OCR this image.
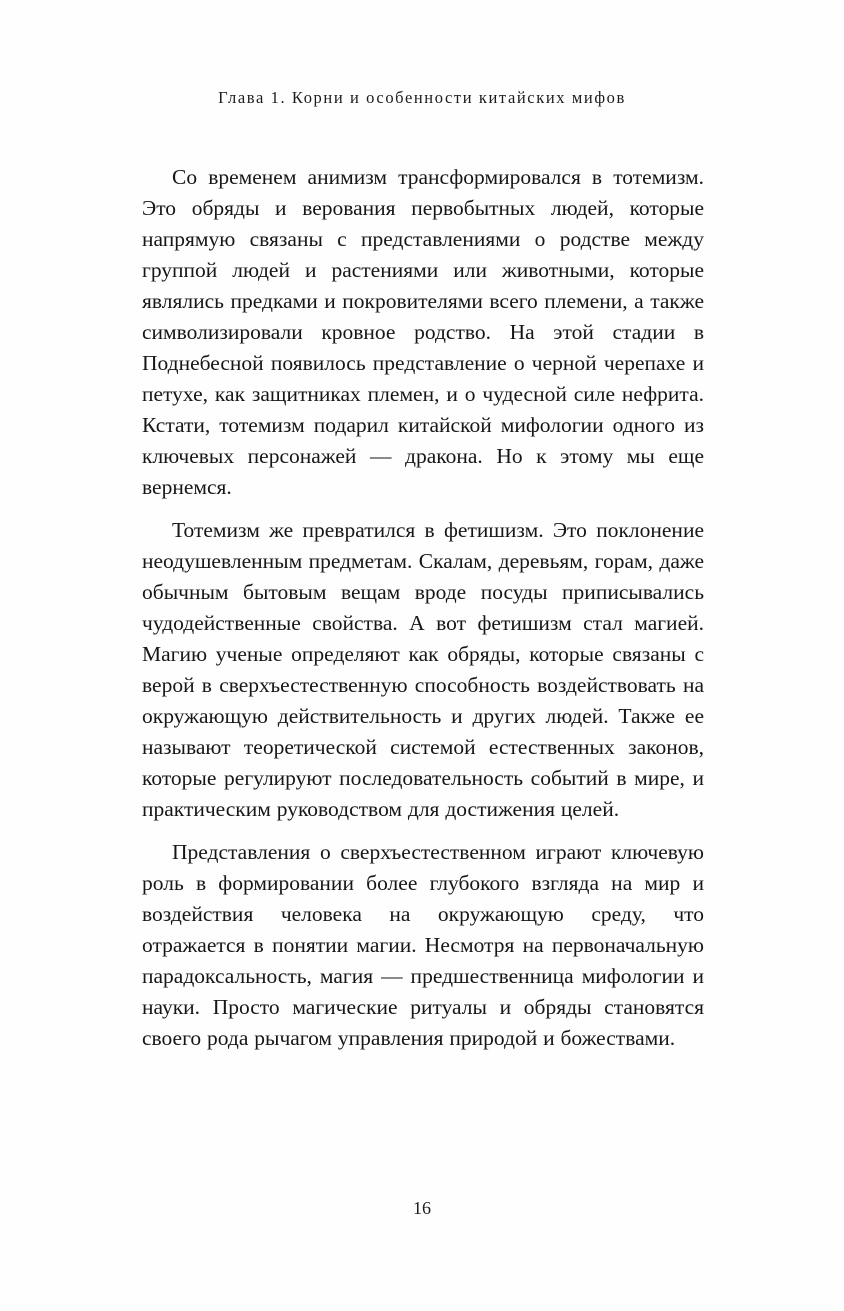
Глава 1. Корни и особенности китайских мифов

Со временем анимизм трансформировался в тотемизм. Это обряды и верования первобытных людей, которые напрямую связаны с представлениями о родстве между группой людей и растениями или животными, которые являлись предками и покровителями всего племени, а также символизировали кровное родство. На этой стадии в Поднебесной появилось представление о черной черепахе и петухе, как защитниках племен, и о чудесной силе нефрита. Кстати, тотемизм подарил китайской мифологии одного из ключевых персонажей — дракона. Но к этому мы еще вернемся.

Тотемизм же превратился в фетишизм. Это поклонение неодушевленным предметам. Скалам, деревьям, горам, даже обычным бытовым вещам вроде посуды приписывались чудодейственные свойства. А вот фетишизм стал магией. Магию ученые определяют как обряды, которые связаны с верой в сверхъестественную способность воздействовать на окружающую действительность и других людей. Также ее называют теоретической системой естественных законов, которые регулируют последовательность событий в мире, и практическим руководством для достижения целей.

Представления о сверхъестественном играют ключевую роль в формировании более глубокого взгляда на мир и воздействия человека на окружающую среду, что отражается в понятии магии. Несмотря на первоначальную парадоксальность, магия — предшественница мифологии и науки. Просто магические ритуалы и обряды становятся своего рода рычагом управления природой и божествами.

16
